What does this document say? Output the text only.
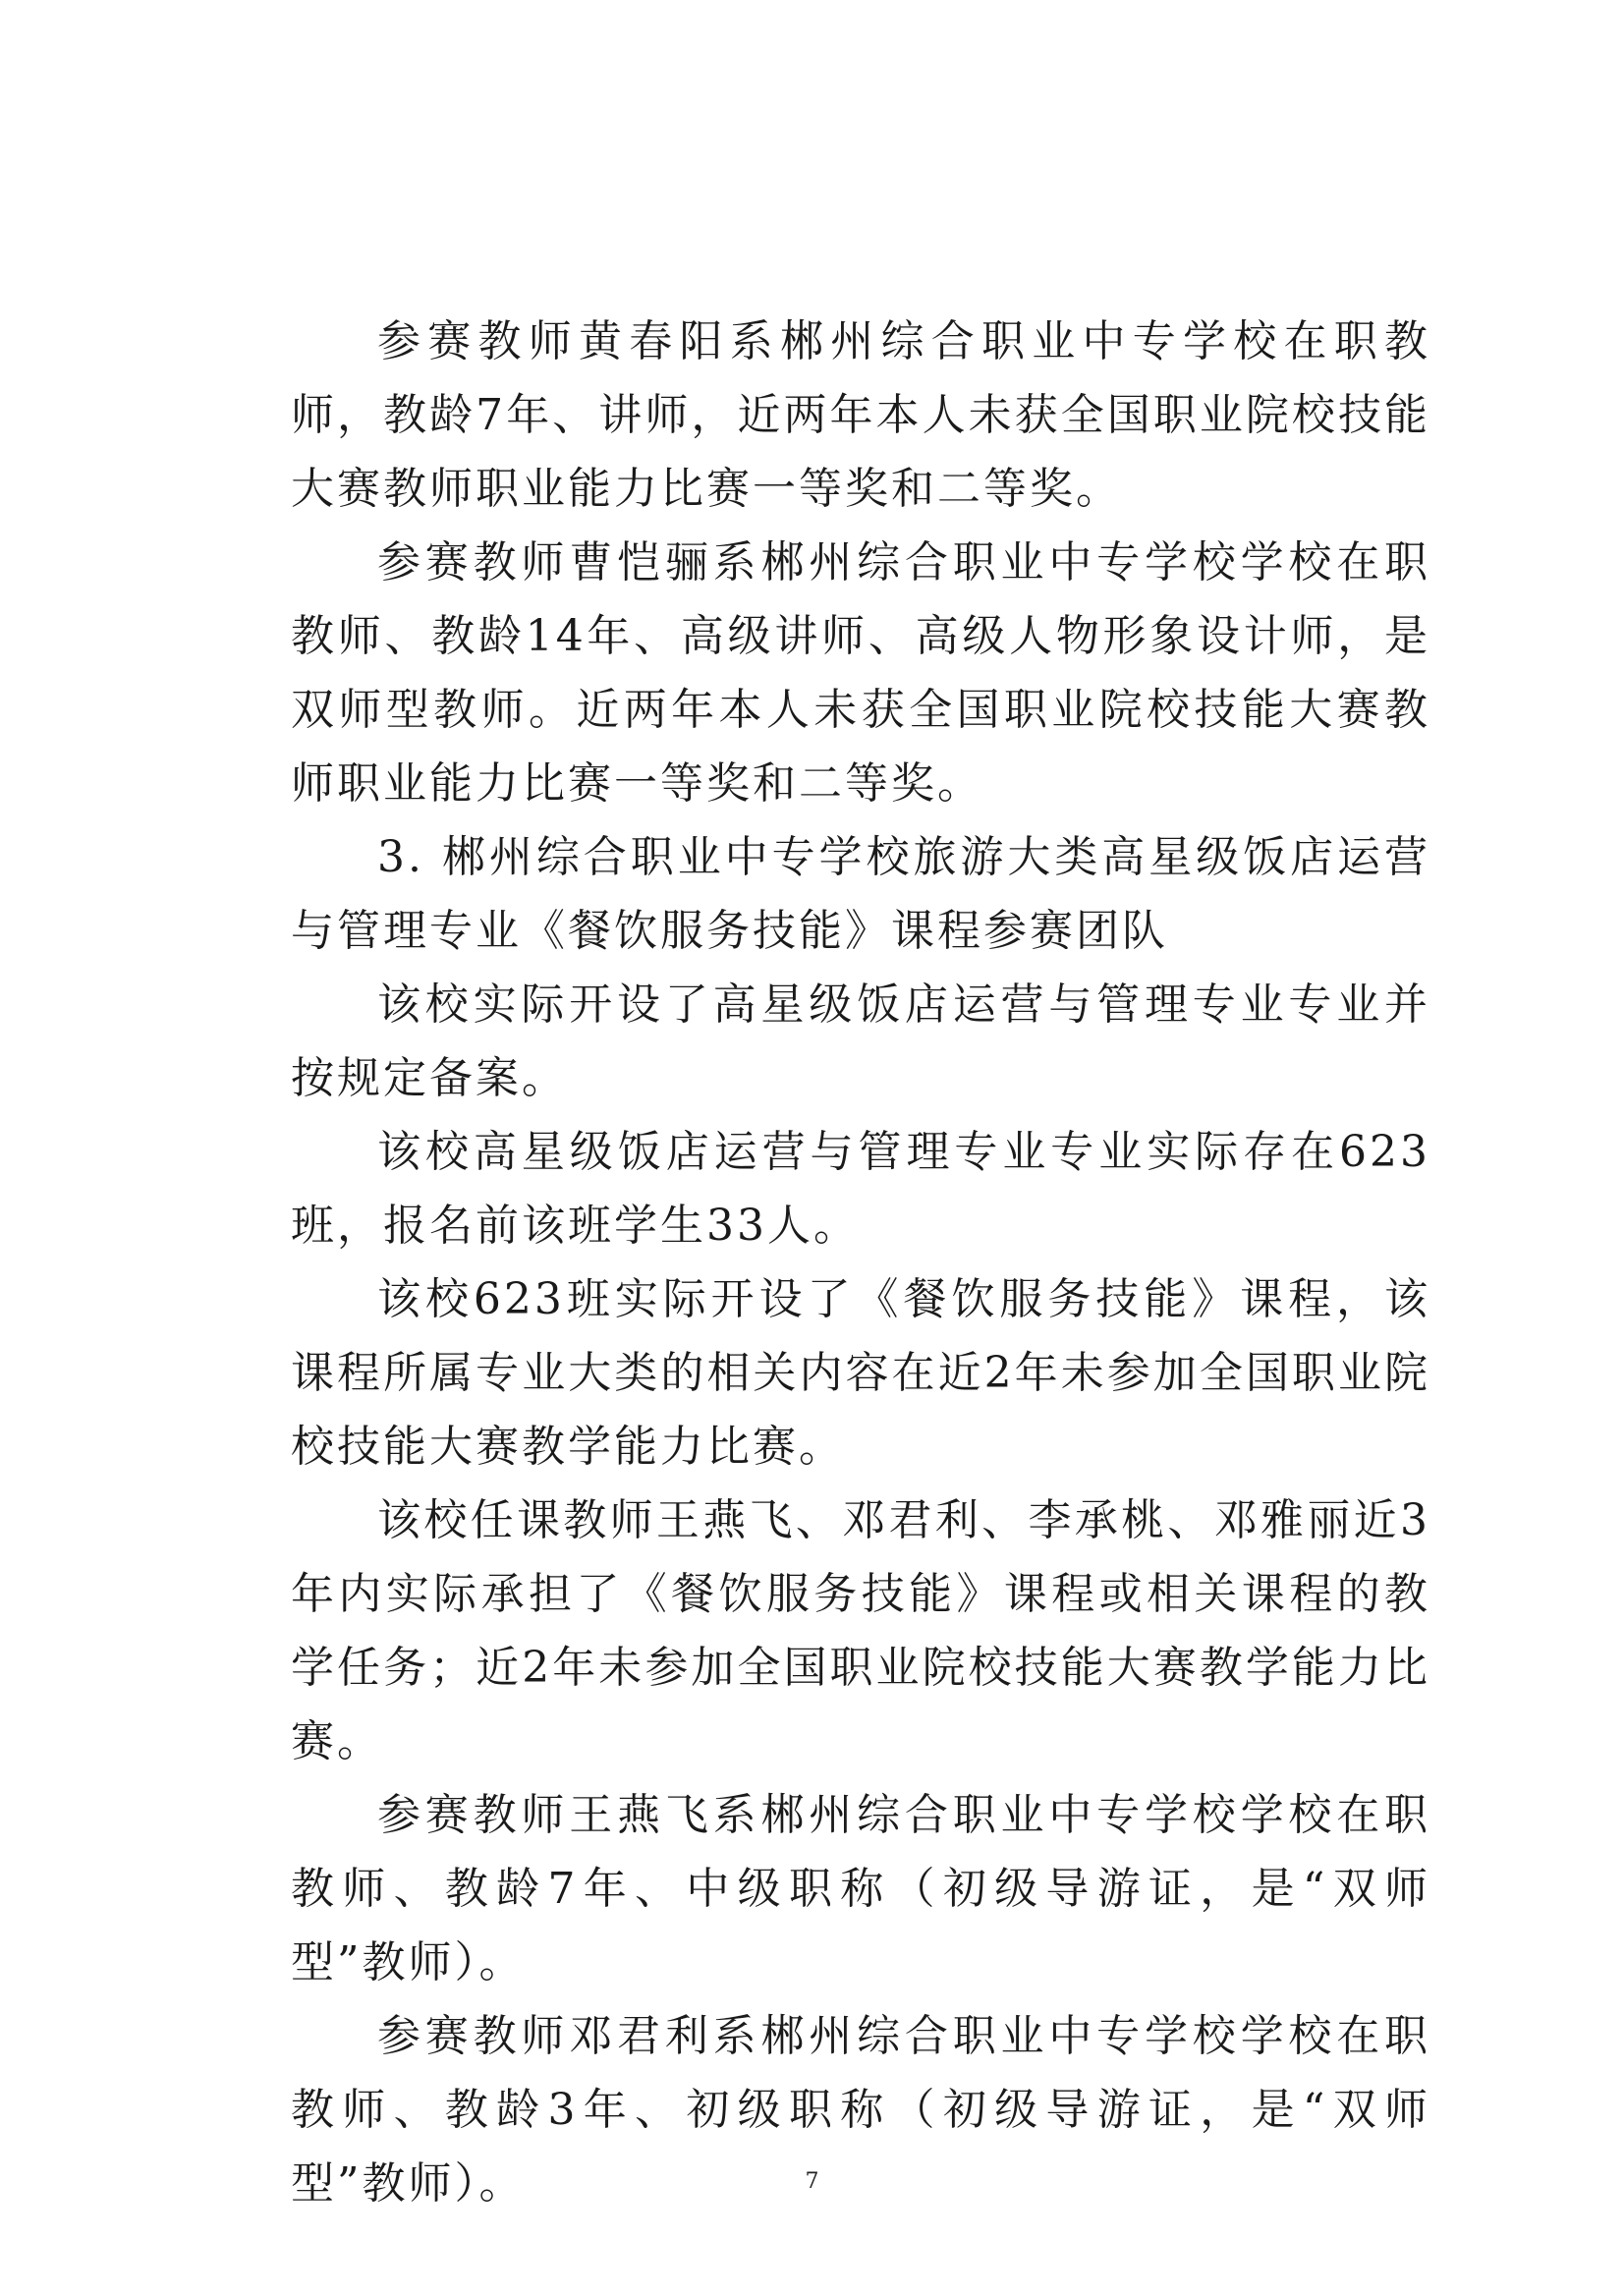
参赛教师黄春阳系郴州综合职业中专学校在职教师，教龄7年、讲师，近两年本人未获全国职业院校技能大赛教师职业能力比赛一等奖和二等奖。

参赛教师曹恺骊系郴州综合职业中专学校学校在职教师、教龄14年、高级讲师、高级人物形象设计师，是双师型教师。近两年本人未获全国职业院校技能大赛教师职业能力比赛一等奖和二等奖。

3. 郴州综合职业中专学校旅游大类高星级饭店运营与管理专业《餐饮服务技能》课程参赛团队

该校实际开设了高星级饭店运营与管理专业专业并按规定备案。

该校高星级饭店运营与管理专业专业实际存在623班，报名前该班学生33人。

该校623班实际开设了《餐饮服务技能》课程，该课程所属专业大类的相关内容在近2年未参加全国职业院校技能大赛教学能力比赛。

该校任课教师王燕飞、邓君利、李承桃、邓雅丽近3年内实际承担了《餐饮服务技能》课程或相关课程的教学任务；近2年未参加全国职业院校技能大赛教学能力比赛。

参赛教师王燕飞系郴州综合职业中专学校学校在职教师、教龄7年、中级职称（初级导游证，是“双师型”教师）。

参赛教师邓君利系郴州综合职业中专学校学校在职教师、教龄3年、初级职称（初级导游证，是“双师型”教师）。	7
